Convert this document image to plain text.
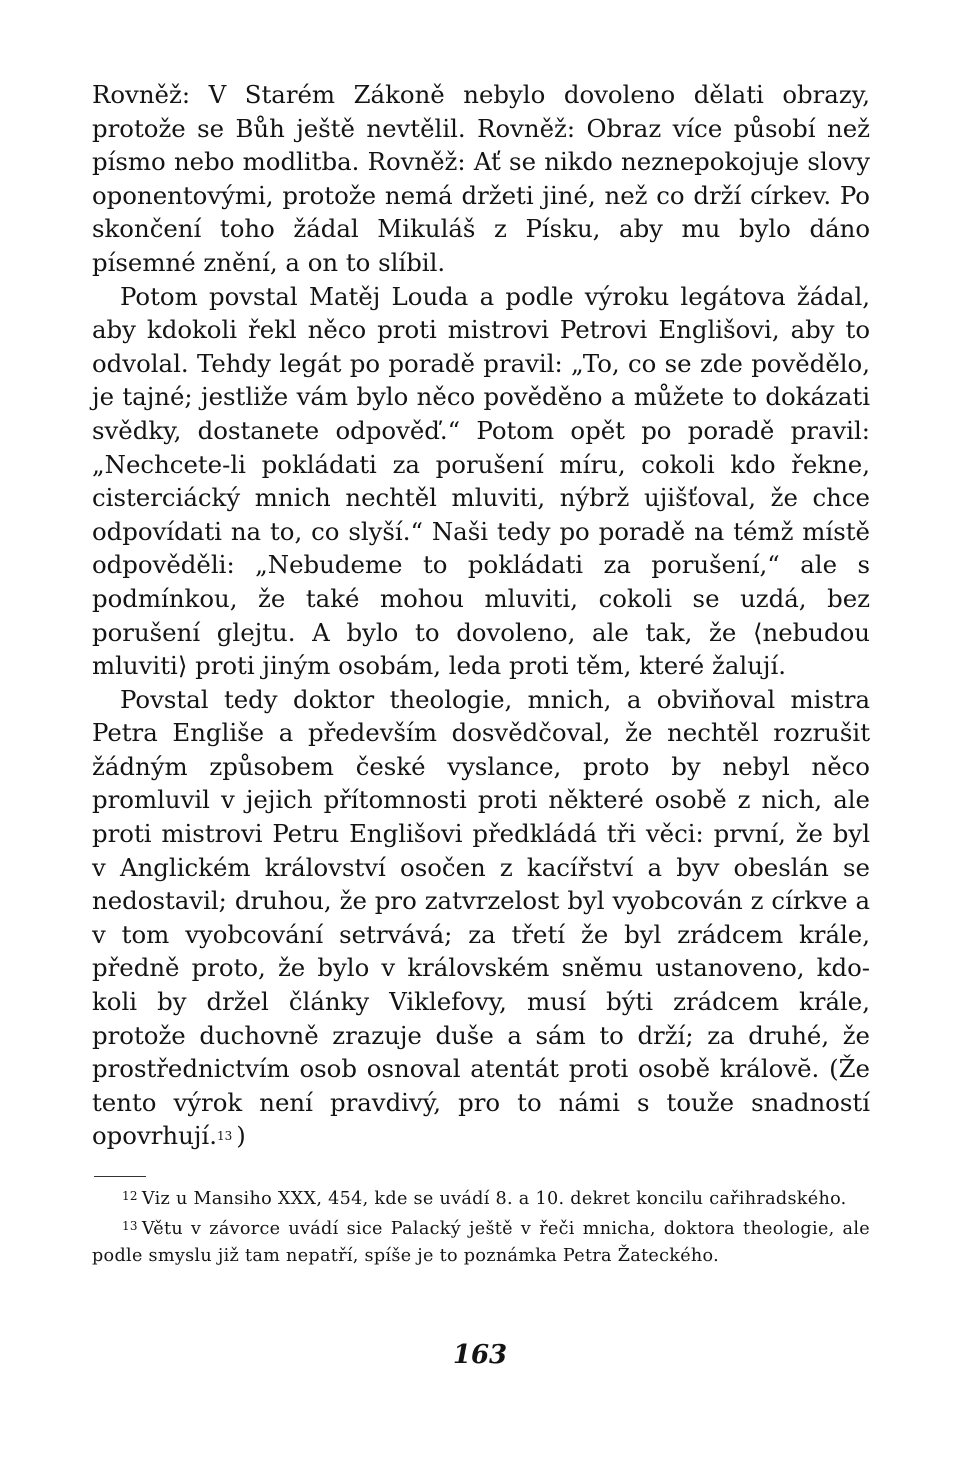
Rovněž: V Starém Zákoně nebylo dovoleno dělati obrazy, protože se Bůh ještě nevtělil. Rovněž: Obraz více působí než písmo nebo modlitba. Rovněž: Ať se nikdo neznepokojuje slovy oponentovými, protože nemá držeti jiné, než co drží církev. Po skončení toho žádal Mikuláš z Písku, aby mu bylo dáno písemné znění, a on to slíbil.

Potom povstal Matěj Louda a podle výroku legátova žádal, aby kdokoli řekl něco proti mistrovi Petrovi Englišovi, aby to odvolal. Tehdy legát po poradě pravil: „To, co se zde povědělo, je tajné; jestliže vám bylo něco pověděno a můžete to dokázati svědky, dostanete odpověď.“ Potom opět po poradě pravil: „Nechcete-li pokládati za porušení míru, cokoli kdo řekne, cisterciácký mnich nechtěl mluviti, nýbrž ujišťoval, že chce odpovídati na to, co slyší.“ Naši tedy po poradě na témž místě odpověděli: „Nebudeme to pokládati za porušení,“ ale s podmínkou, že také mohou mluviti, cokoli se uzdá, bez porušení glejtu. A bylo to dovoleno, ale tak, že ⟨nebudou mluviti⟩ proti jiným osobám, leda proti těm, které žalují.

Povstal tedy doktor theologie, mnich, a obviňoval mistra Petra Engliše a především dosvědčoval, že nechtěl rozrušit žádným způsobem české vyslance, proto by nebyl něco promluvil v jejich přítomnosti proti některé osobě z nich, ale proti mistrovi Petru Englišovi předkládá tři věci: první, že byl v Anglickém království osočen z kacířství a byv obeslán se nedostavil; druhou, že pro zatvrzelost byl vyobcován z církve a v tom vyobcování setrvává; za třetí že byl zrádcem krále, předně proto, že bylo v královském sněmu ustanoveno, kdokoli by držel články Viklefovy, musí býti zrádcem krále, protože duchovně zrazuje duše a sám to drží; za druhé, že prostřednictvím osob osnoval atentát proti osobě královĕ. (Že tento výrok není pravdivý, pro to námi s touže snadností opovrhují.$^{13}$ )

$^{12}$ Viz u Mansiho XXX, 454, kde se uvádí 8. a 10. dekret koncilu cařihradského.

$^{13}$ Větu v závorce uvádí sice Palacký ještě v řeči mnicha, doktora theologie, ale podle smyslu již tam nepatří, spíše je to poznámka Petra Žateckého.

163
